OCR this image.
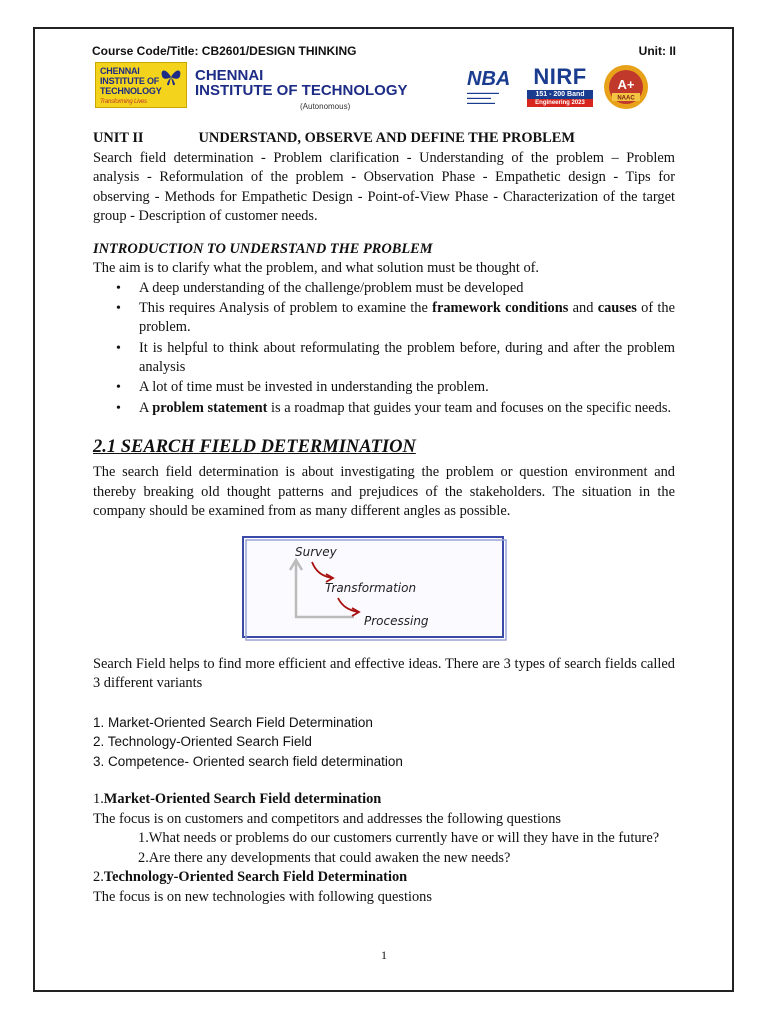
Course Code/Title: CB2601/DESIGN THINKING	Unit: II
CHENNAI
INSTITUTE OF
TECHNOLOGY
Transforming Lives
CHENNAI
INSTITUTE OF TECHNOLOGY
(Autonomous)
NBA
▬▬▬▬▬▬▬▬
▬▬▬▬▬▬
▬▬▬▬▬▬▬
NIRF
151 - 200 Band
Engineering 2023
A+
NAAC

UNIT II	UNDERSTAND, OBSERVE AND DEFINE THE PROBLEM

Search field determination - Problem clarification - Understanding of the problem – Problem analysis - Reformulation of the problem - Observation Phase - Empathetic design - Tips for observing - Methods for Empathetic Design - Point-of-View Phase - Characterization of the target group - Description of customer needs.

INTRODUCTION TO UNDERSTAND THE PROBLEM

The aim is to clarify what the problem, and what solution must be thought of.

• A deep understanding of the challenge/problem must be developed
• This requires Analysis of problem to examine the framework conditions and causes of the problem.
• It is helpful to think about reformulating the problem before, during and after the problem analysis
• A lot of time must be invested in understanding the problem.
• A problem statement is a roadmap that guides your team and focuses on the specific needs.

2.1 SEARCH FIELD DETERMINATION

The search field determination is about investigating the problem or question environment and thereby breaking old thought patterns and prejudices of the stakeholders. The situation in the company should be examined from as many different angles as possible.

Survey
Transformation
Processing

Search Field helps to find more efficient and effective ideas. There are 3 types of search fields called 3 different variants

1. Market-Oriented Search Field Determination

2. Technology-Oriented Search Field

3. Competence- Oriented search field determination

1.Market-Oriented Search Field determination

The focus is on customers and competitors and addresses the following questions

1.What needs or problems do our customers currently have or will they have in the future?

2.Are there any developments that could awaken the new needs?

2.Technology-Oriented Search Field Determination

The focus is on new technologies with following questions

1
